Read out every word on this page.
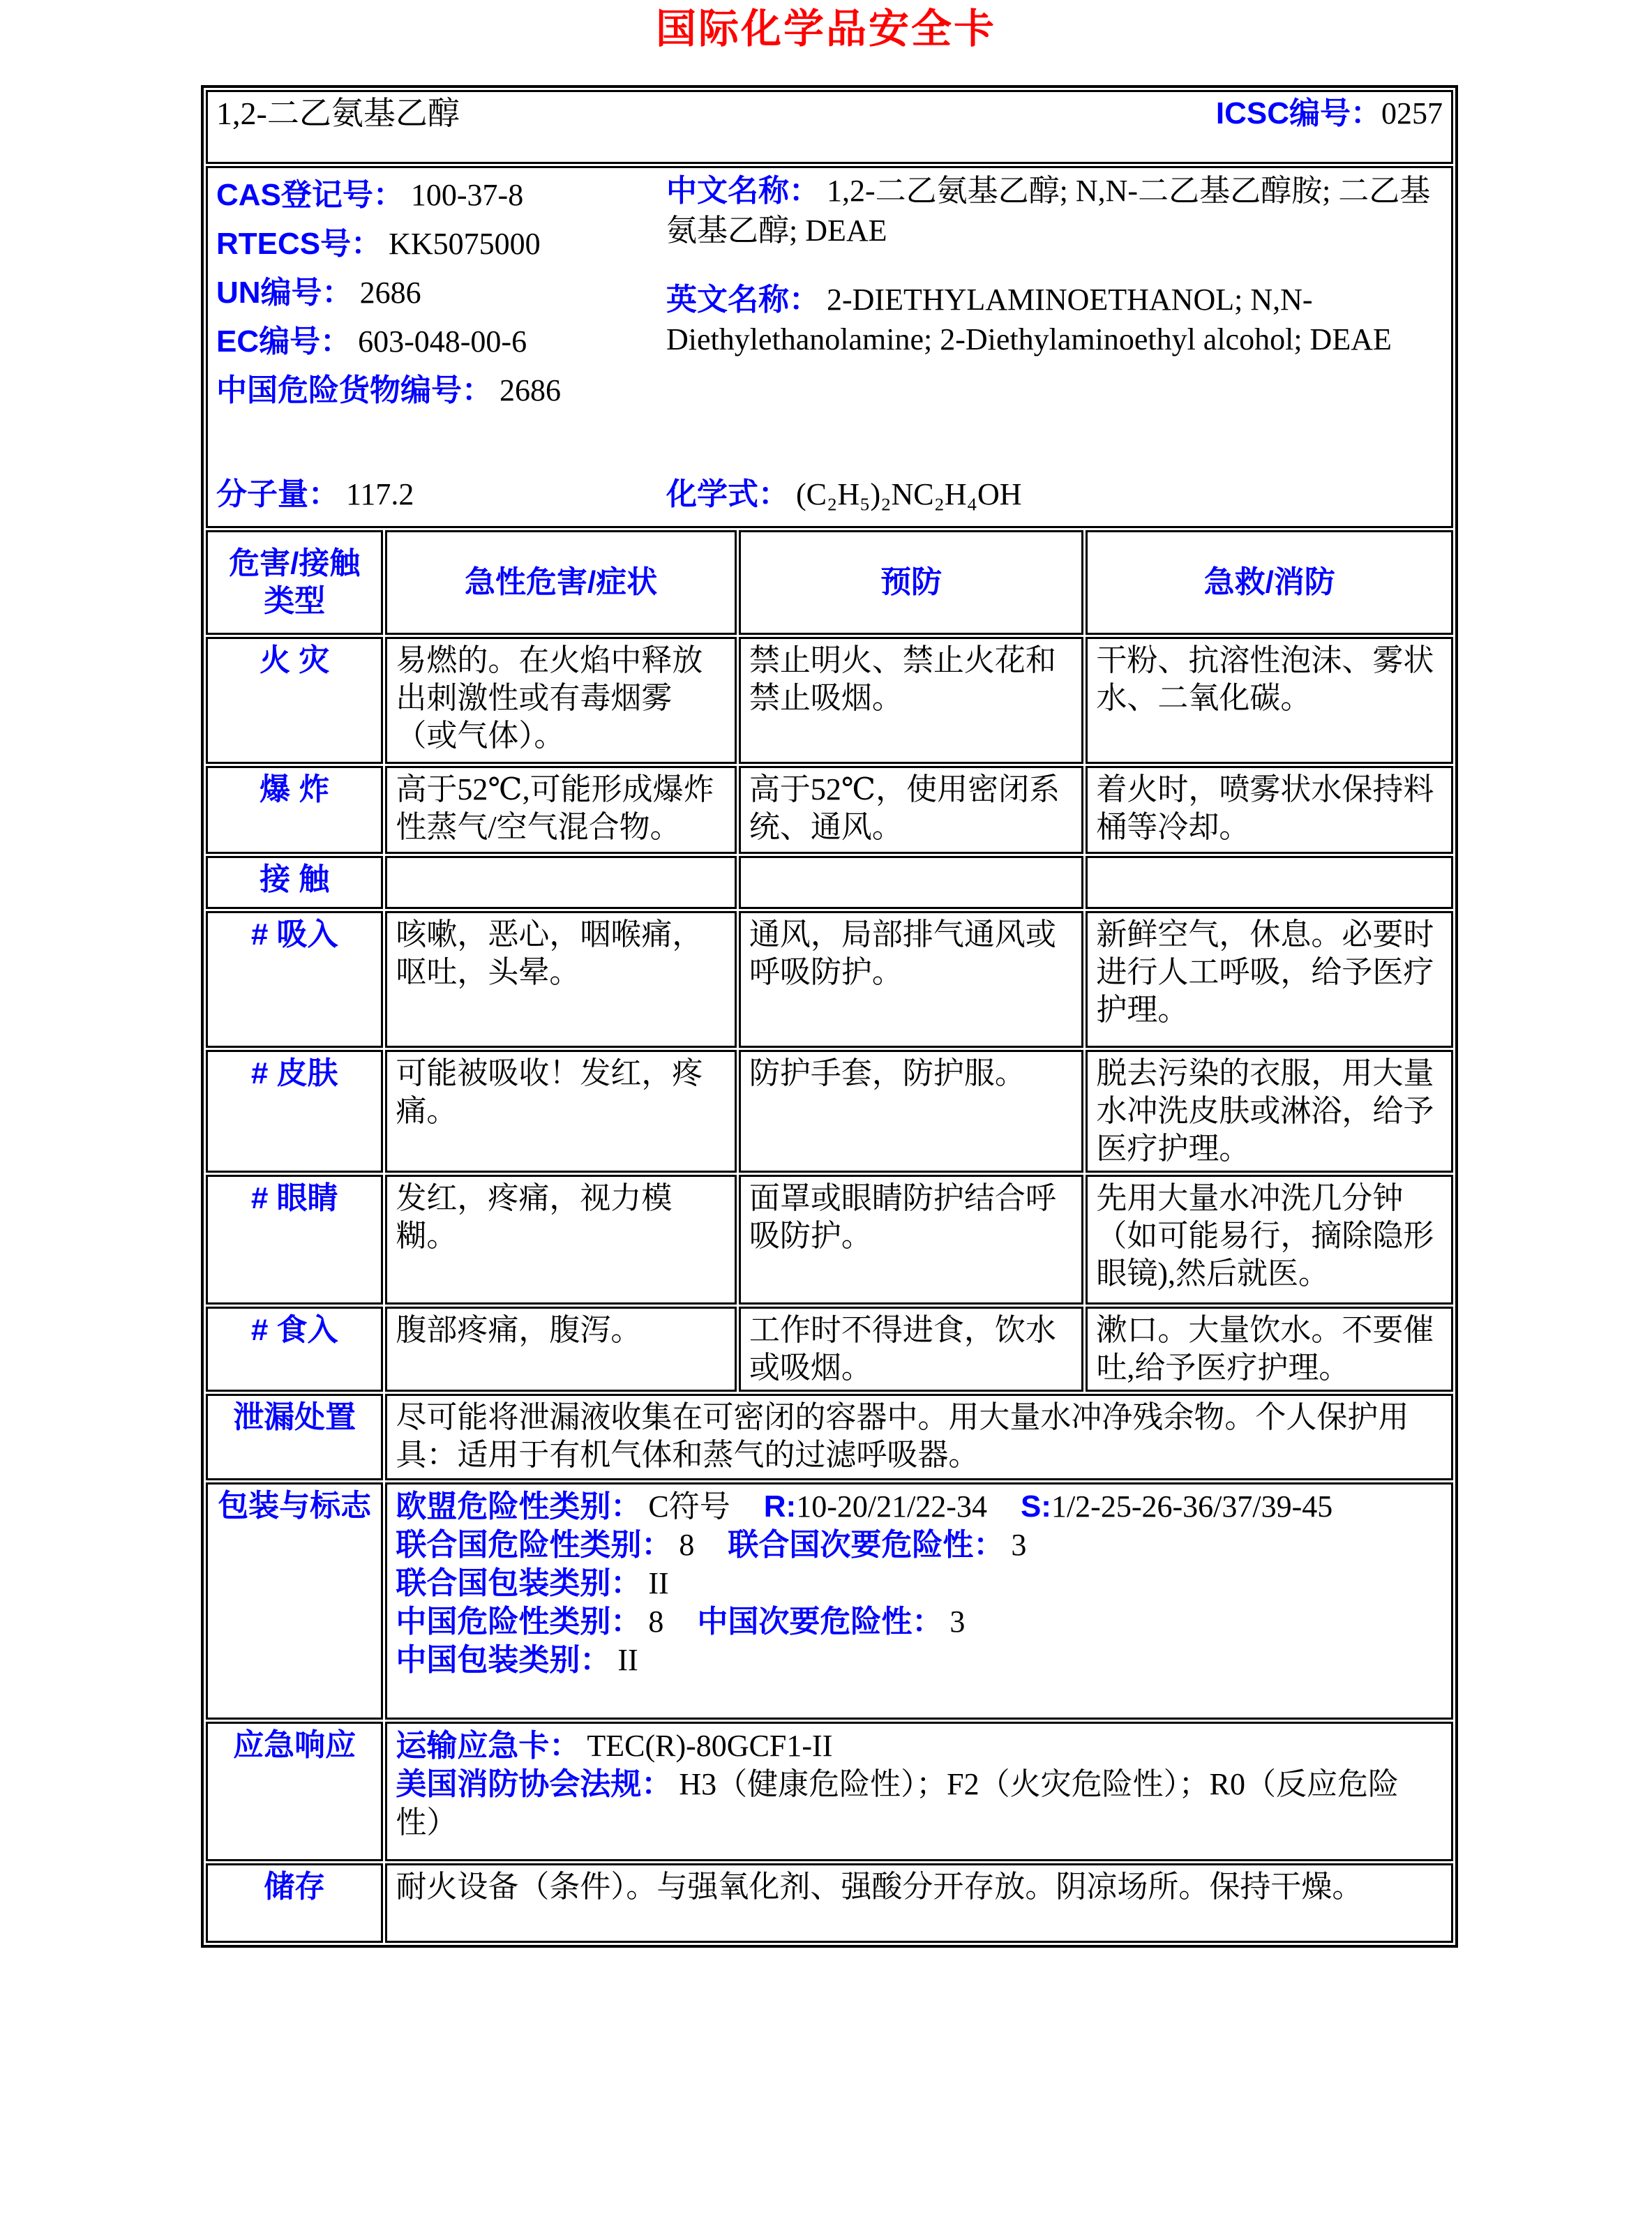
国际化学品安全卡
1,2-二乙氨基乙醇 ICSC编号：0257			

CAS登记号： 100-37-8
RTECS号： KK5075000
UN编号： 2686
EC编号： 603-048-00-6
中国危险货物编号： 2686
分子量： 117.2

中文名称： 1,2-二乙氨基乙醇; N,N-二乙基乙醇胺; 二乙基氨基乙醇; DEAE

英文名称： 2-DIETHYLAMINOETHANOL; N,N-Diethylethanolamine; 2-Diethylaminoethyl alcohol; DEAE

化学式： (C₂H₅)₂NC₂H₄OH

危害/接触类型	急性危害/症状	预防	急救/消防
火 灾	易燃的。在火焰中释放出刺激性或有毒烟雾（或气体）。	禁止明火、禁止火花和禁止吸烟。	干粉、抗溶性泡沫、雾状水、二氧化碳。
爆 炸	高于52℃,可能形成爆炸性蒸气/空气混合物。	高于52℃，使用密闭系统、通风。	着火时，喷雾状水保持料桶等冷却。
接 触			
# 吸入	咳嗽，恶心，咽喉痛，呕吐，头晕。	通风，局部排气通风或呼吸防护。	新鲜空气，休息。必要时进行人工呼吸，给予医疗护理。
# 皮肤	可能被吸收！发红，疼痛。	防护手套，防护服。	脱去污染的衣服，用大量水冲洗皮肤或淋浴，给予医疗护理。
# 眼睛	发红，疼痛，视力模糊。	面罩或眼睛防护结合呼吸防护。	先用大量水冲洗几分钟（如可能易行，摘除隐形眼镜),然后就医。
# 食入	腹部疼痛，腹泻。	工作时不得进食，饮水或吸烟。	漱口。大量饮水。不要催吐,给予医疗护理。
泄漏处置	尽可能将泄漏液收集在可密闭的容器中。用大量水冲净残余物。个人保护用具：适用于有机气体和蒸气的过滤呼吸器。		
包装与标志	欧盟危险性类别： C符号 R:10-20/21/22-34 S:1/2-25-26-36/37/39-45
联合国危险性类别： 8 联合国次要危险性： 3
联合国包装类别： II
中国危险性类别： 8 中国次要危险性： 3
中国包装类别： II		

应急响应	运输应急卡： TEC(R)-80GCF1-II
美国消防协会法规： H3（健康危险性）；F2（火灾危险性）；R0（反应危险性）		

储存	耐火设备（条件）。与强氧化剂、强酸分开存放。阴凉场所。保持干燥。		
